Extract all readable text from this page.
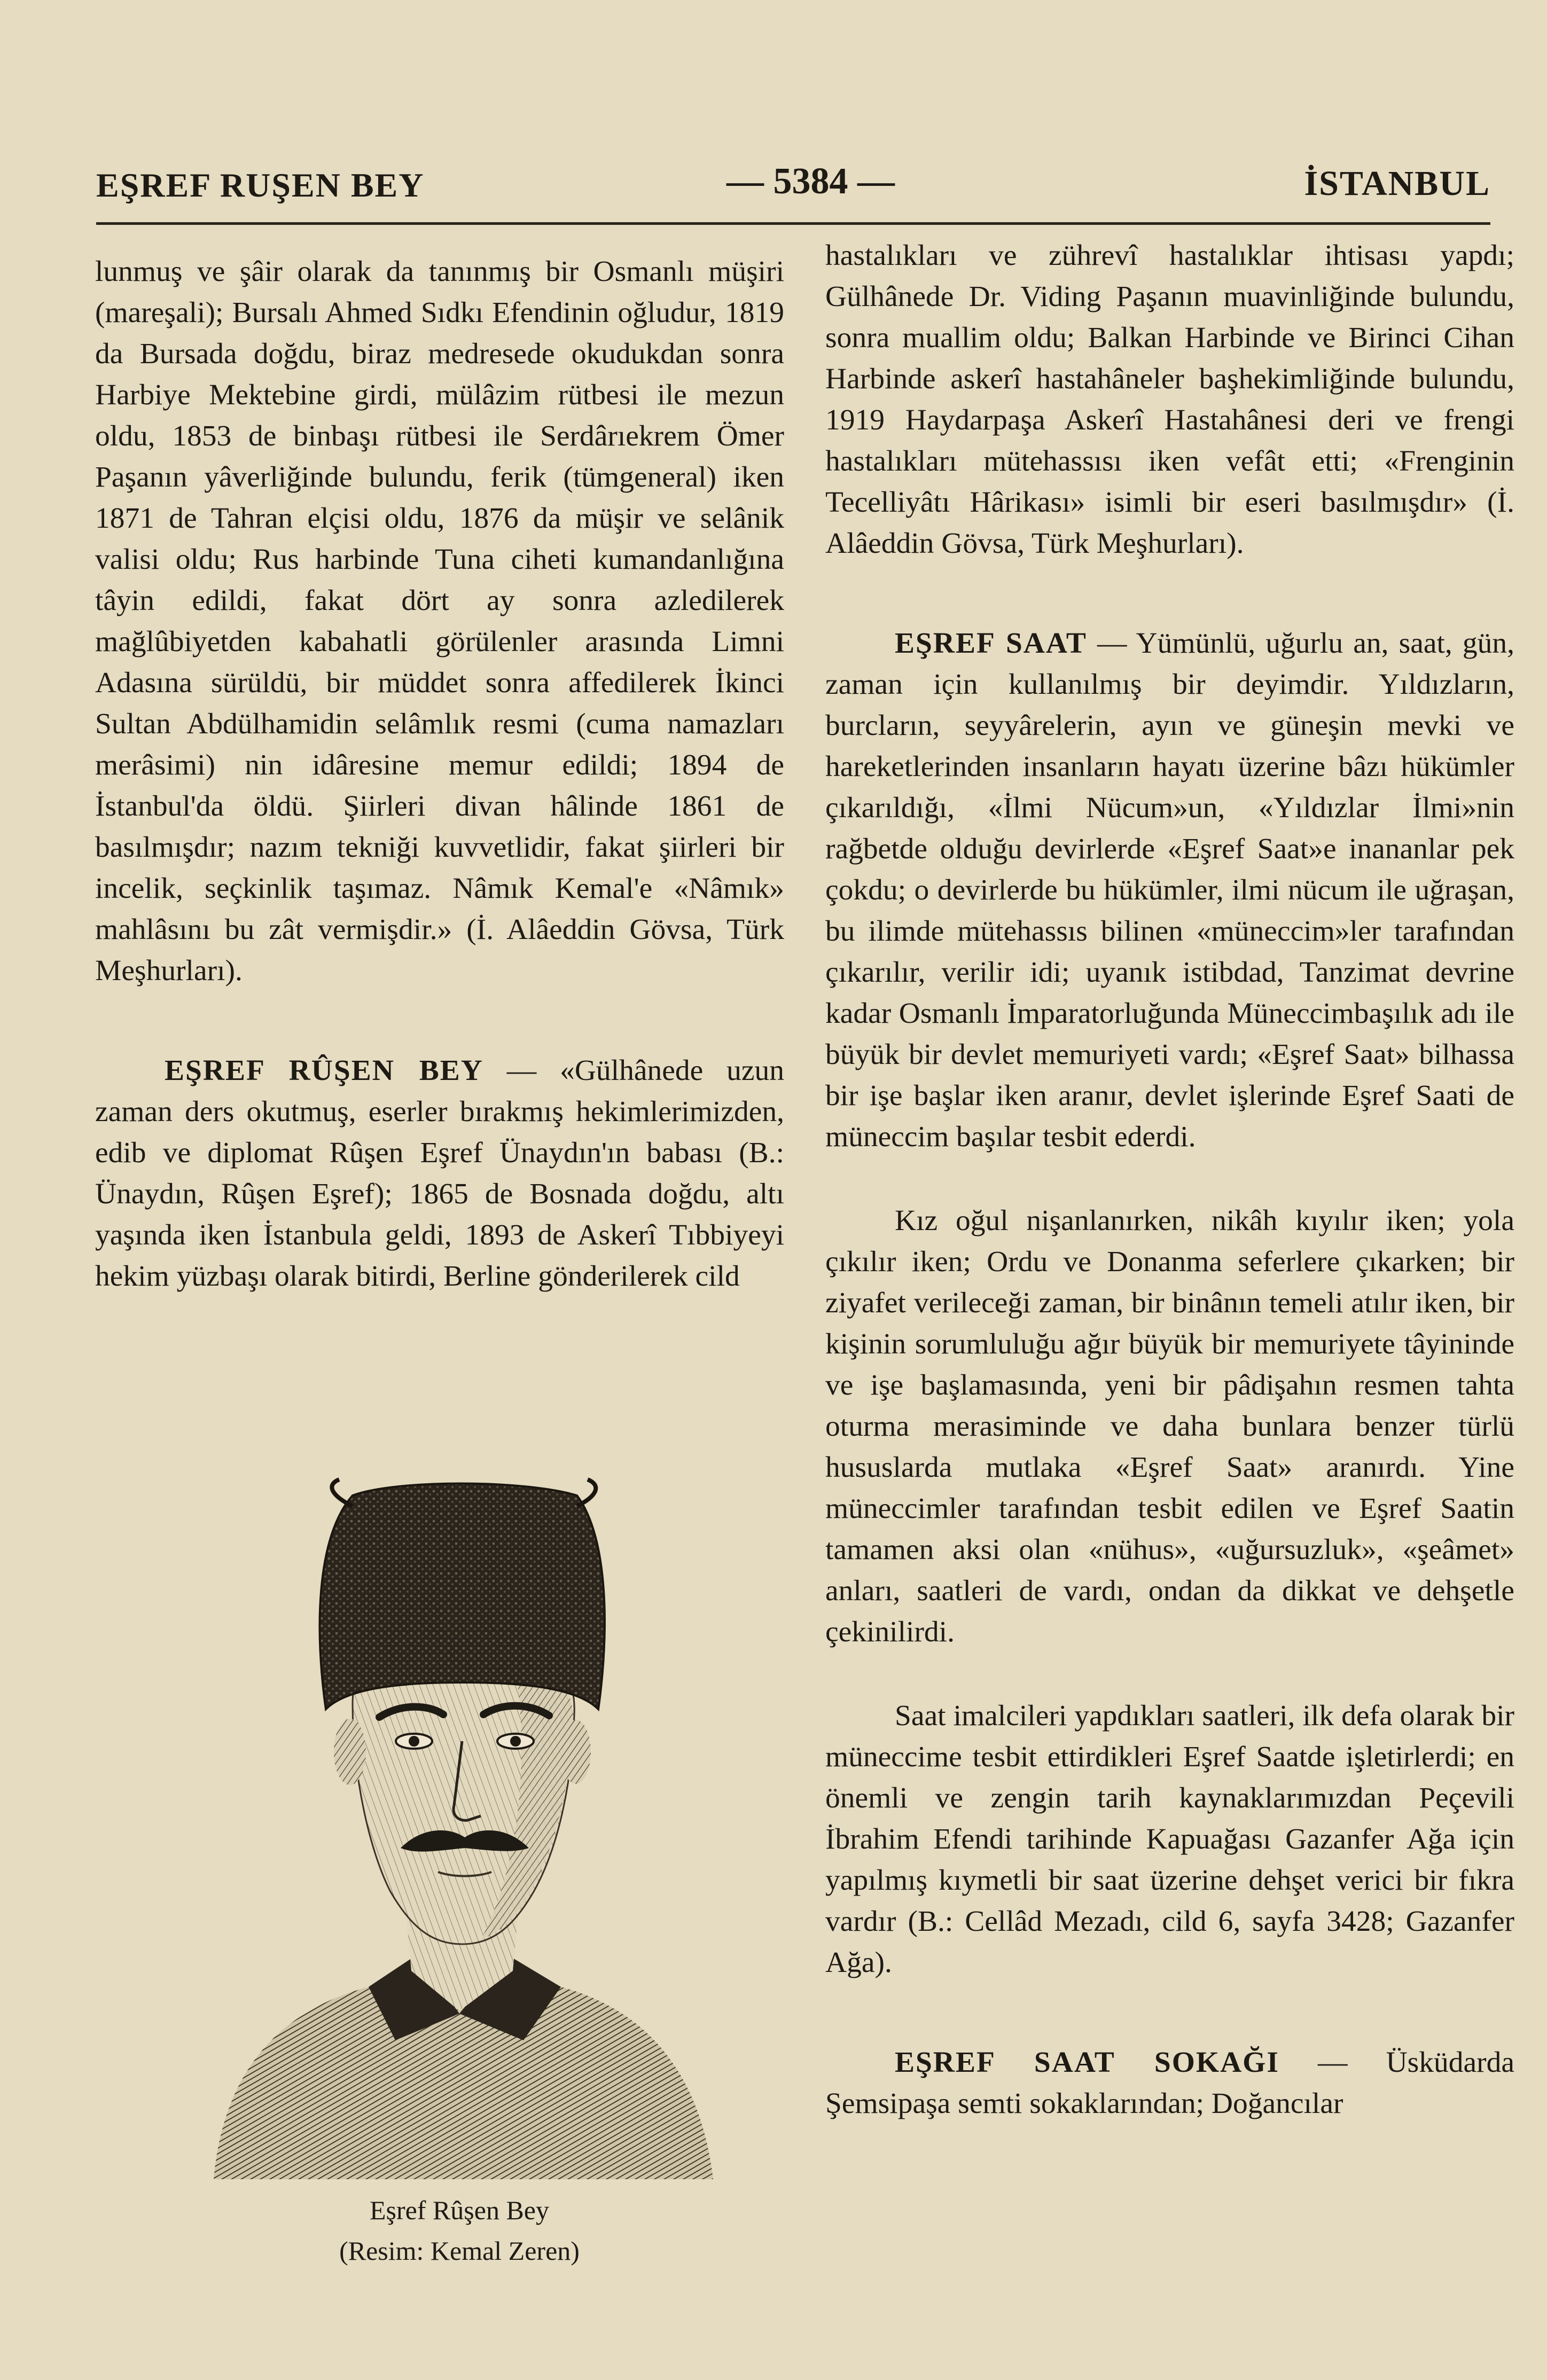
EŞREF RUŞEN BEY	— 5384 —	İSTANBUL

lunmuş ve şâir olarak da tanınmış bir Osmanlı müşiri (mareşali); Bursalı Ahmed Sıdkı Efendinin oğludur, 1819 da Bursada doğdu, biraz medresede okudukdan sonra Harbiye Mektebine girdi, mülâzim rütbesi ile mezun oldu, 1853 de binbaşı rütbesi ile Serdârıekrem Ömer Paşanın yâverliğinde bulundu, ferik (tümgeneral) iken 1871 de Tahran elçisi oldu, 1876 da müşir ve selânik valisi oldu; Rus harbinde Tuna ciheti kumandanlığına tâyin edildi, fakat dört ay sonra azledilerek mağlûbiyetden kabahatli görülenler arasında Limni Adasına sürüldü, bir müddet sonra affedilerek İkinci Sultan Abdülhamidin selâmlık resmi (cuma namazları merâsimi) nin idâresine memur edildi; 1894 de İstanbul'da öldü. Şiirleri divan hâlinde 1861 de basılmışdır; nazım tekniği kuvvetlidir, fakat şiirleri bir incelik, seçkinlik taşımaz. Nâmık Kemal'e «Nâmık» mahlâsını bu zât vermişdir.» (İ. Alâeddin Gövsa, Türk Meşhurları).

EŞREF RÛŞEN BEY — «Gülhânede uzun zaman ders okutmuş, eserler bırakmış hekimlerimizden, edib ve diplomat Rûşen Eşref Ünaydın'ın babası (B.: Ünaydın, Rûşen Eşref); 1865 de Bosnada doğdu, altı yaşında iken İstanbula geldi, 1893 de Askerî Tıbbiyeyi hekim yüzbaşı olarak bitirdi, Berline gönderilerek cild

Eşref Rûşen Bey
(Resim: Kemal Zeren)

hastalıkları ve zührevî hastalıklar ihtisası yapdı; Gülhânede Dr. Viding Paşanın muavinliğinde bulundu, sonra muallim oldu; Balkan Harbinde ve Birinci Cihan Harbinde askerî hastahâneler başhekimliğinde bulundu, 1919 Haydarpaşa Askerî Hastahânesi deri ve frengi hastalıkları mütehassısı iken vefât etti; «Frenginin Tecelliyâtı Hârikası» isimli bir eseri basılmışdır» (İ. Alâeddin Gövsa, Türk Meşhurları).

EŞREF SAAT — Yümünlü, uğurlu an, saat, gün, zaman için kullanılmış bir deyimdir. Yıldızların, burcların, seyyârelerin, ayın ve güneşin mevki ve hareketlerinden insanların hayatı üzerine bâzı hükümler çıkarıldığı, «İlmi Nücum»un, «Yıldızlar İlmi»nin rağbetde olduğu devirlerde «Eşref Saat»e inananlar pek çokdu; o devirlerde bu hükümler, ilmi nücum ile uğraşan, bu ilimde mütehassıs bilinen «müneccim»ler tarafından çıkarılır, verilir idi; uyanık istibdad, Tanzimat devrine kadar Osmanlı İmparatorluğunda Müneccimbaşılık adı ile büyük bir devlet memuriyeti vardı; «Eşref Saat» bilhassa bir işe başlar iken aranır, devlet işlerinde Eşref Saati de müneccim başılar tesbit ederdi.

Kız oğul nişanlanırken, nikâh kıyılır iken; yola çıkılır iken; Ordu ve Donanma seferlere çıkarken; bir ziyafet verileceği zaman, bir binânın temeli atılır iken, bir kişinin sorumluluğu ağır büyük bir memuriyete tâyininde ve işe başlamasında, yeni bir pâdişahın resmen tahta oturma merasiminde ve daha bunlara benzer türlü hususlarda mutlaka «Eşref Saat» aranırdı. Yine müneccimler tarafından tesbit edilen ve Eşref Saatin tamamen aksi olan «nühus», «uğursuzluk», «şeâmet» anları, saatleri de vardı, ondan da dikkat ve dehşetle çekinilirdi.

Saat imalcileri yapdıkları saatleri, ilk defa olarak bir müneccime tesbit ettirdikleri Eşref Saatde işletirlerdi; en önemli ve zengin tarih kaynaklarımızdan Peçevili İbrahim Efendi tarihinde Kapuağası Gazanfer Ağa için yapılmış kıymetli bir saat üzerine dehşet verici bir fıkra vardır (B.: Cellâd Mezadı, cild 6, sayfa 3428; Gazanfer Ağa).

EŞREF SAAT SOKAĞI — Üsküdarda Şemsipaşa semti sokaklarından; Doğancılar
